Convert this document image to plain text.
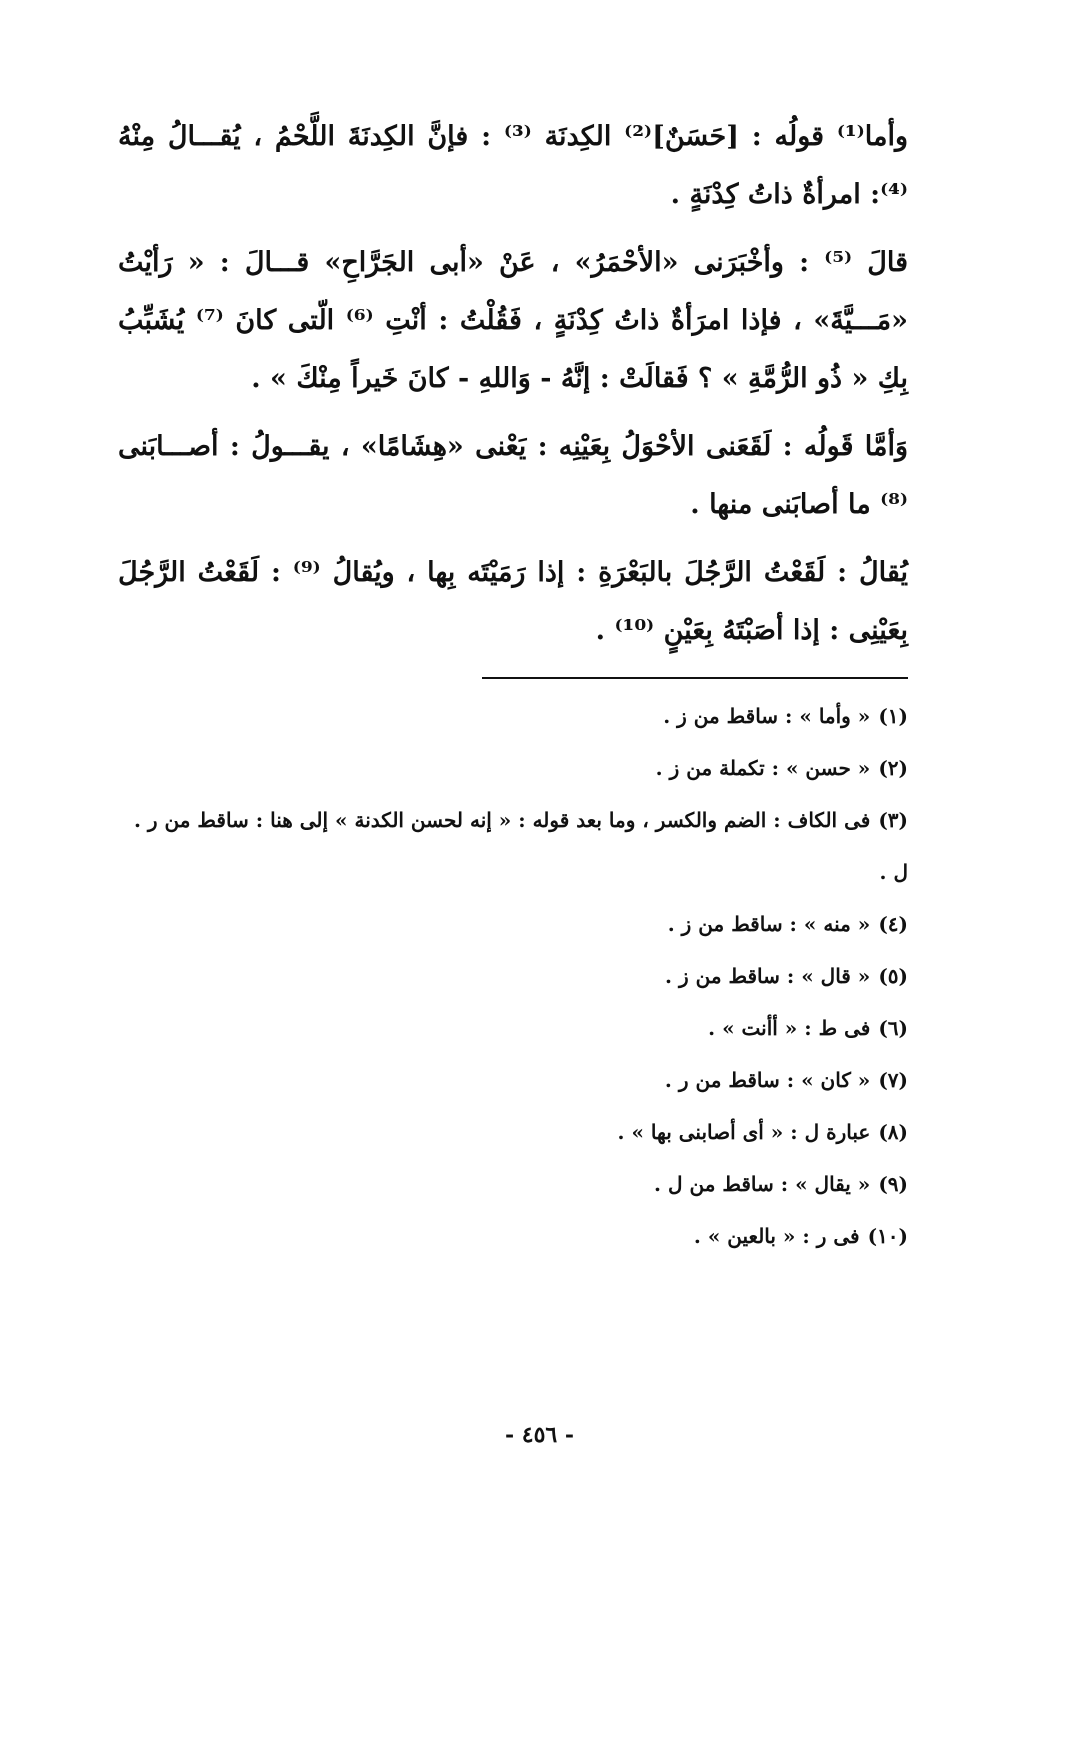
وأما⁽¹⁾ قولُه : [حَسَنٌ]⁽²⁾ الكِدنَة ⁽³⁾ : فإنَّ الكِدنَةَ اللَّحْمُ ، يُقـــالُ مِنْهُ ⁽⁴⁾: امرأةٌ ذاتُ كِدْنَةٍ .

قالَ ⁽⁵⁾ : وأخْبَرَنى «الأحْمَرُ» ، عَنْ «أبى الجَرَّاحِ» قـــالَ : « رَأيْتُ «مَـــيَّةَ» ، فإذا امرَأةٌ ذاتُ كِدْنَةٍ ، فَقُلْتُ : أنْتِ ⁽⁶⁾ الّتى كانَ ⁽⁷⁾ يُشَبِّبُ بِكِ « ذُو الرُّمَّةِ » ؟ فَقالَتْ : إنَّهُ - وَاللهِ - كانَ خَيراً مِنْكَ » .

وَأمَّا قَولُه : لَقَعَنى الأحْوَلُ بِعَيْنِه : يَعْنى «هِشَامًا» ، يقـــولُ : أصـــابَنى ⁽⁸⁾ ما أصابَنى منها .

يُقالُ : لَقَعْتُ الرَّجُلَ بالبَعْرَةِ : إذا رَمَيْتَه بِها ، ويُقالُ ⁽⁹⁾ : لَقَعْتُ الرَّجُلَ بِعَيْنِى : إذا أصَبْتَهُ بِعَيْنٍ ⁽¹⁰⁾ .

(١)« وأما » : ساقط من ز .
(٢)« حسن » : تكملة من ز .
(٣)فى الكاف : الضم والكسر ، وما بعد قوله : « إنه لحسن الكدنة » إلى هنا : ساقط من ر . ل .
(٤)« منه » : ساقط من ز .
(٥)« قال » : ساقط من ز .
(٦)فى ط : « أأنت » .
(٧)« كان » : ساقط من ر .
(٨)عبارة ل : « أى أصابنى بها » .
(٩)« يقال » : ساقط من ل .
(١٠)فى ر : « بالعين » .
- ٤٥٦ -
